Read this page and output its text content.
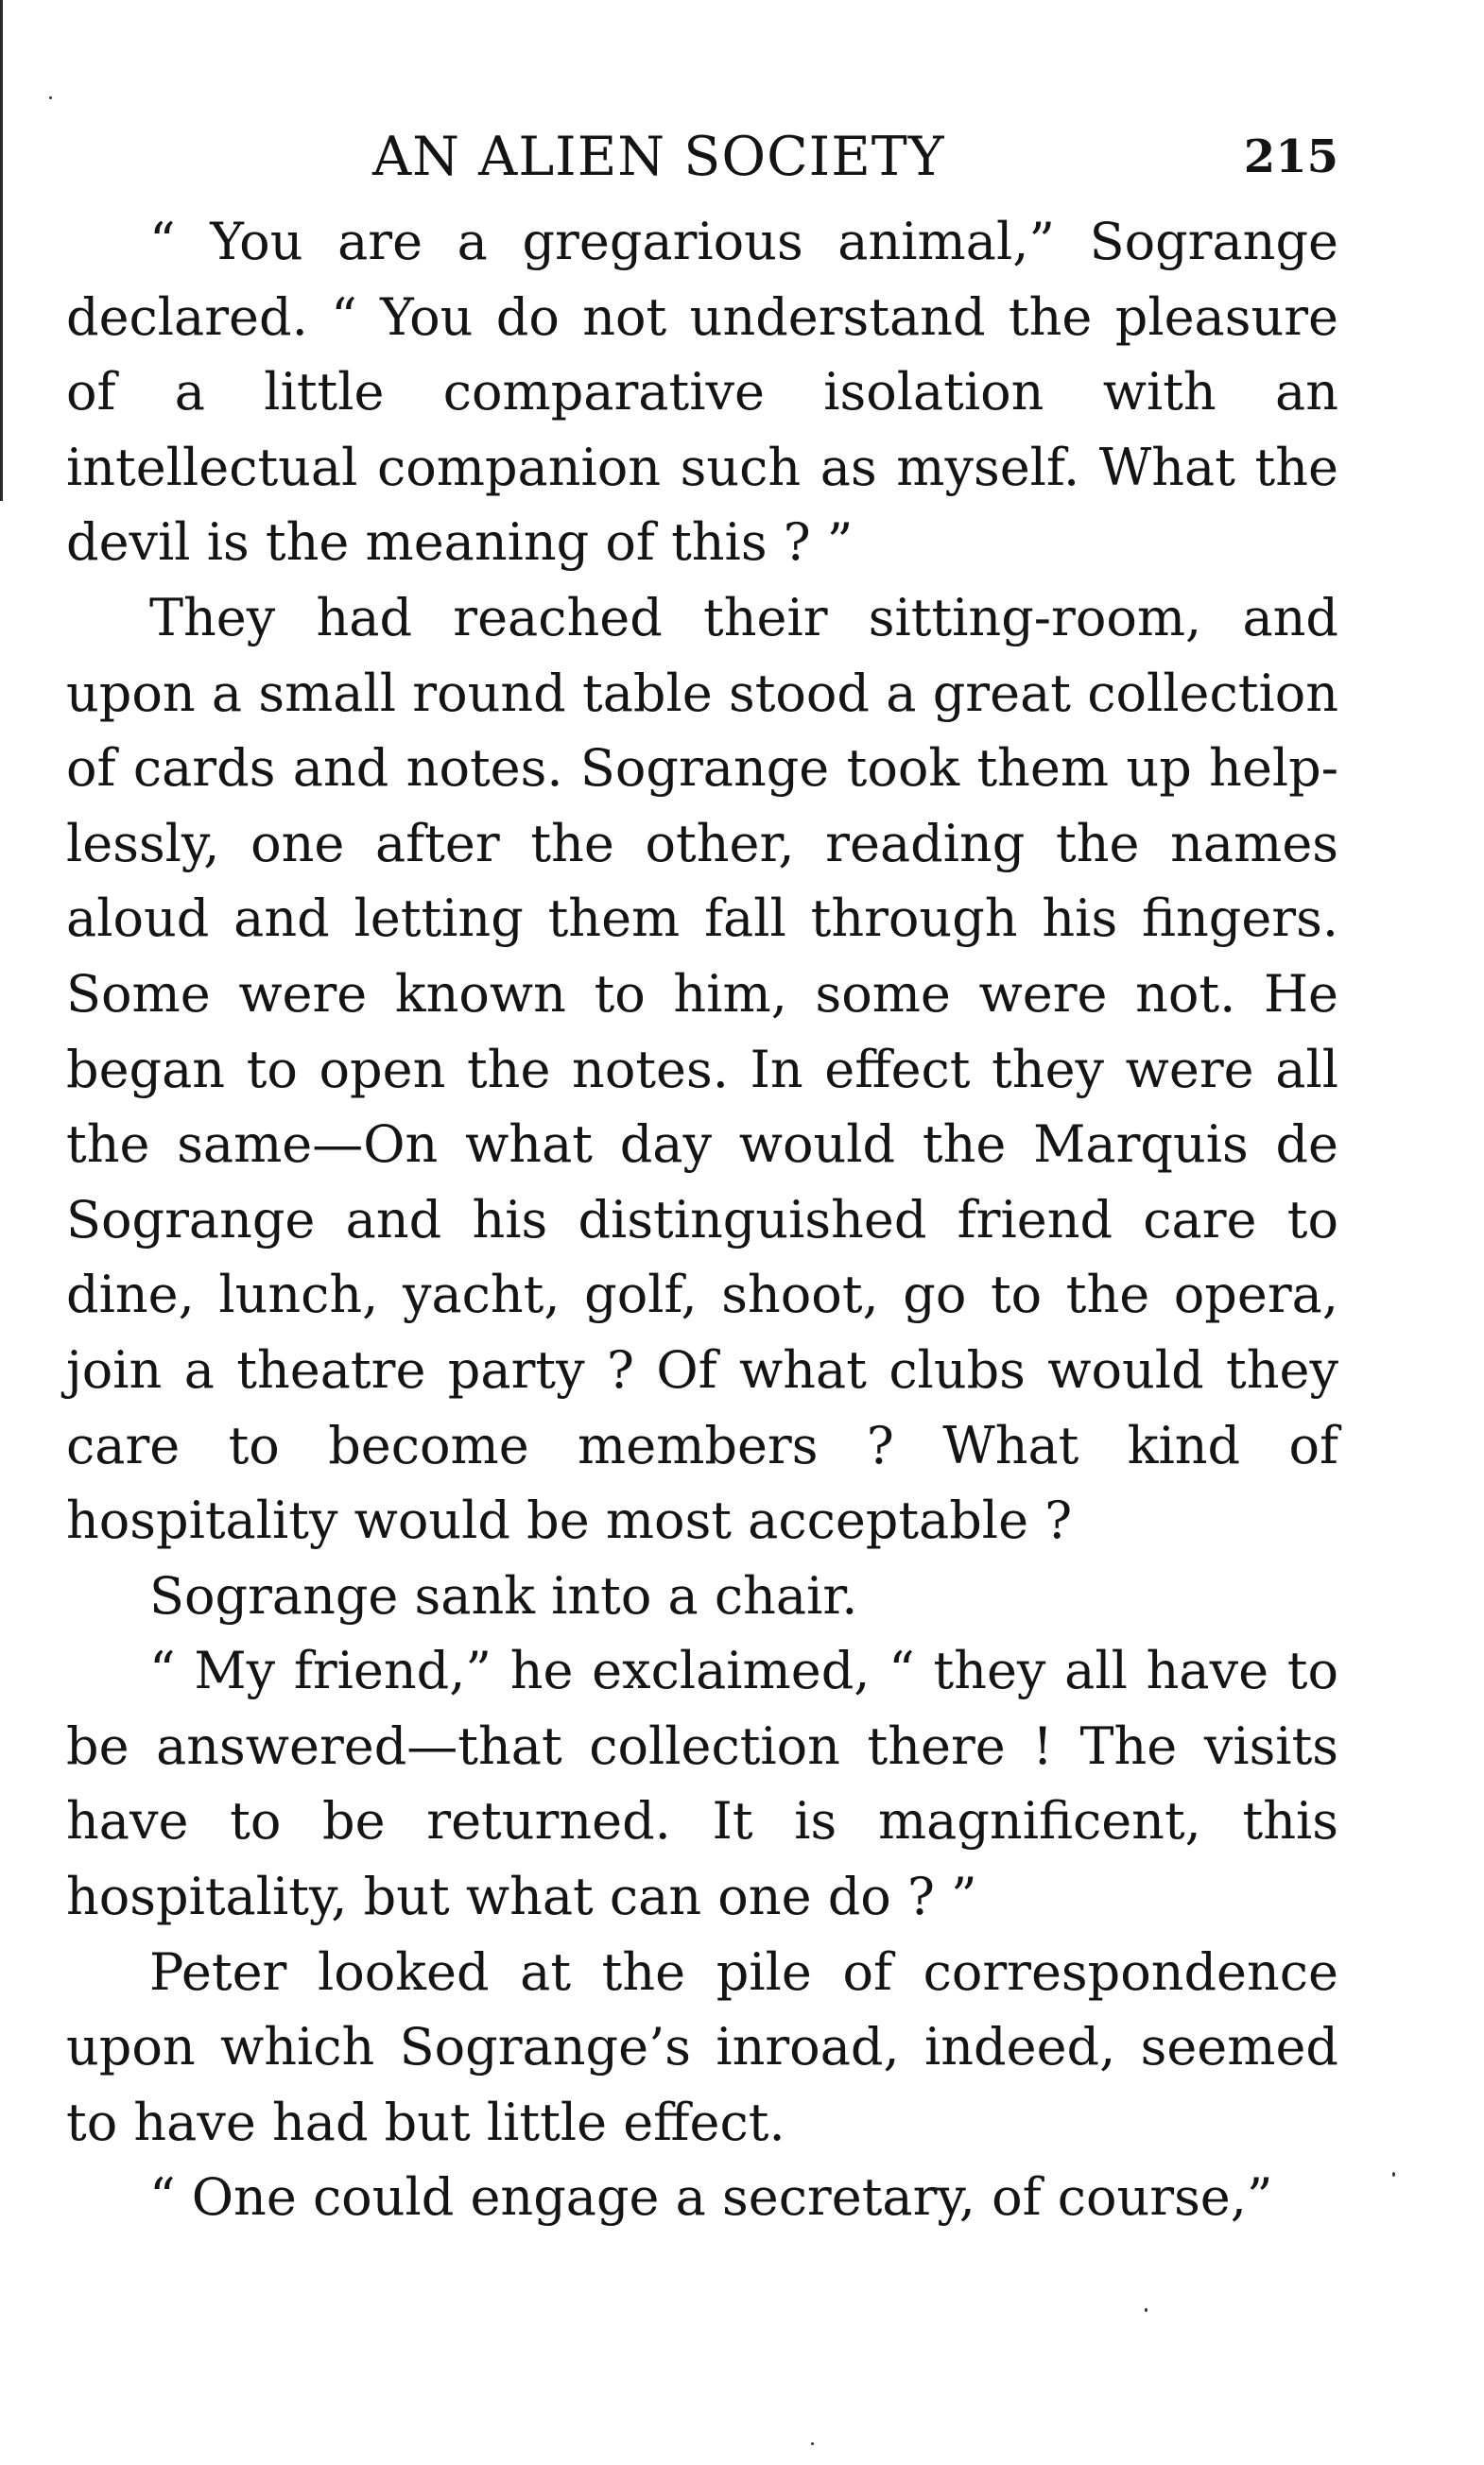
AN ALIEN SOCIETY	215

“ You are a gregarious animal,” Sogrange declared. “ You do not understand the pleasure of a little comparative isolation with an intellectual companion such as myself. What the devil is the meaning of this ? ”

They had reached their sitting-room, and upon a small round table stood a great collection of cards and notes. Sogrange took them up help-lessly, one after the other, reading the names aloud and letting them fall through his fingers. Some were known to him, some were not. He began to open the notes. In effect they were all the same—On what day would the Marquis de Sogrange and his distinguished friend care to dine, lunch, yacht, golf, shoot, go to the opera, join a theatre party ? Of what clubs would they care to become members ? What kind of hospitality would be most acceptable ?

Sogrange sank into a chair.

“ My friend,” he exclaimed, “ they all have to be answered—that collection there ! The visits have to be returned. It is magnificent, this hospitality, but what can one do ? ”

Peter looked at the pile of correspondence upon which Sogrange’s inroad, indeed, seemed to have had but little effect.

“ One could engage a secretary, of course,”
